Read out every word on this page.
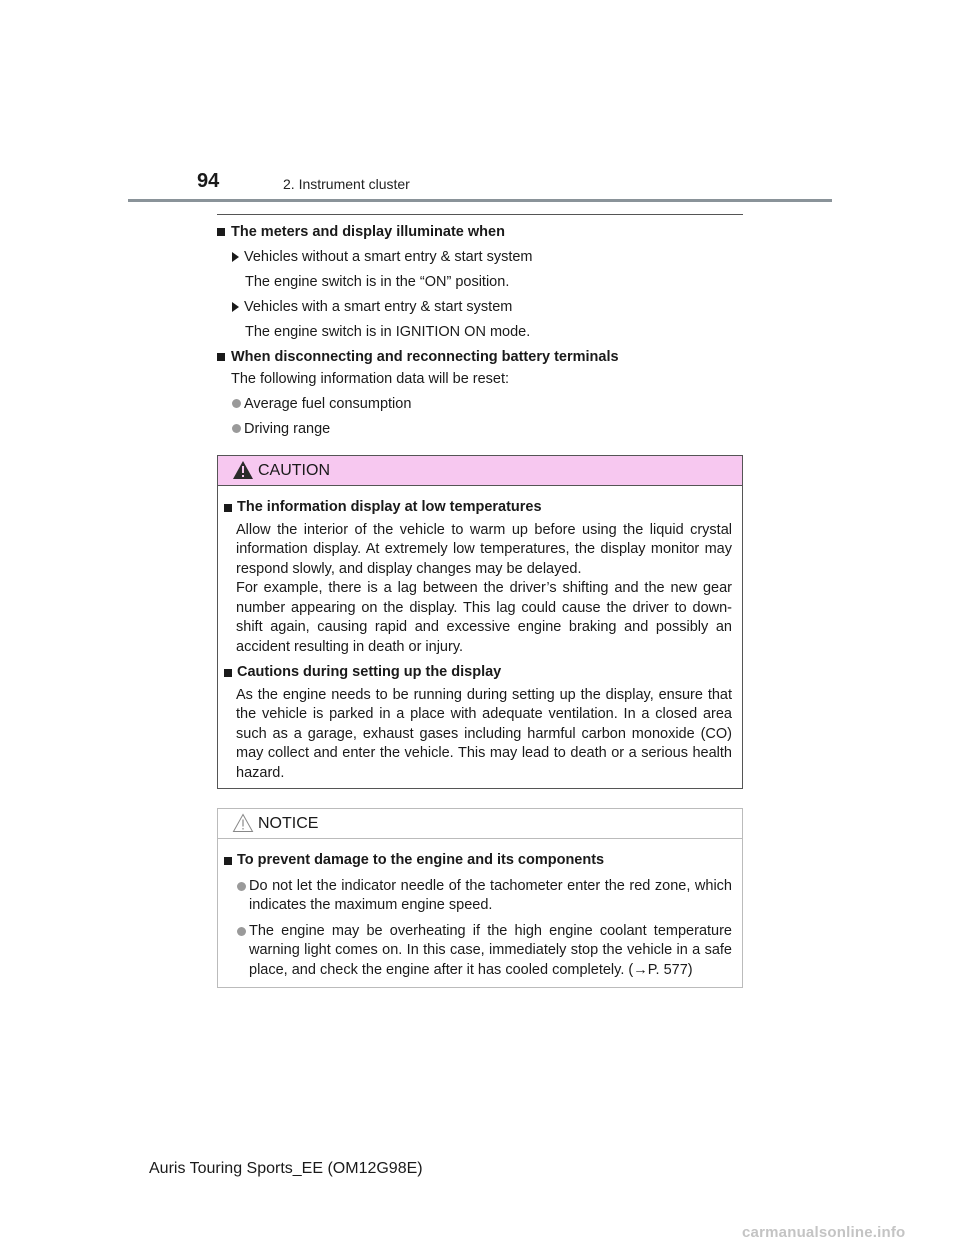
94	2. Instrument cluster
The meters and display illuminate when
Vehicles without a smart entry & start system
The engine switch is in the “ON” position.
Vehicles with a smart entry & start system
The engine switch is in IGNITION ON mode.
When disconnecting and reconnecting battery terminals
The following information data will be reset:
Average fuel consumption
Driving range
CAUTION
The information display at low temperatures

Allow the interior of the vehicle to warm up before using the liquid crystal information display. At extremely low temperatures, the display monitor may respond slowly, and display changes may be delayed.

For example, there is a lag between the driver’s shifting and the new gear number appearing on the display. This lag could cause the driver to down-shift again, causing rapid and excessive engine braking and possibly an accident resulting in death or injury.

Cautions during setting up the display

As the engine needs to be running during setting up the display, ensure that the vehicle is parked in a place with adequate ventilation. In a closed area such as a garage, exhaust gases including harmful carbon monoxide (CO) may collect and enter the vehicle. This may lead to death or a serious health hazard.

NOTICE
To prevent damage to the engine and its components
Do not let the indicator needle of the tachometer enter the red zone, which indicates the maximum engine speed.
The engine may be overheating if the high engine coolant temperature warning light comes on. In this case, immediately stop the vehicle in a safe place, and check the engine after it has cooled completely. (→P. 577)
Auris Touring Sports_EE (OM12G98E)
carmanualsonline.info
